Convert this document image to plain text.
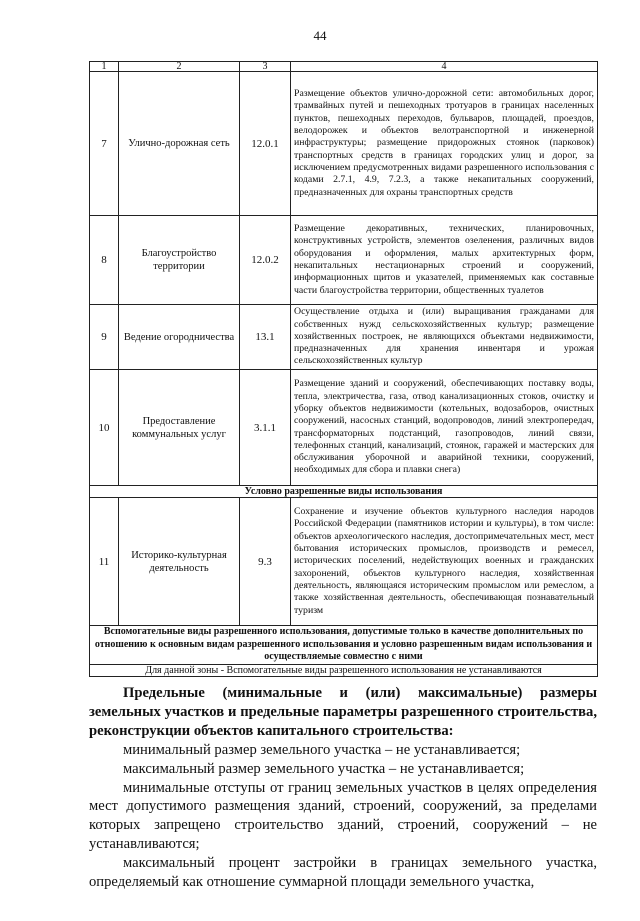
44
1	2	3	4
7	Улично-дорожная сеть	12.0.1	Размещение объектов улично-дорожной сети: автомобильных дорог, трамвайных путей и пешеходных тротуаров в границах населенных пунктов, пешеходных переходов, бульваров, площадей, проездов, велодорожек и объектов велотранспортной и инженерной инфраструктуры; размещение придорожных стоянок (парковок) транспортных средств в границах городских улиц и дорог, за исключением предусмотренных видами разрешенного использования с кодами 2.7.1, 4.9, 7.2.3, а также некапитальных сооружений, предназначенных для охраны транспортных средств
8	Благоустройство территории	12.0.2	Размещение декоративных, технических, планировочных, конструктивных устройств, элементов озеленения, различных видов оборудования и оформления, малых архитектурных форм, некапитальных нестационарных строений и сооружений, информационных щитов и указателей, применяемых как составные части благоустройства территории, общественных туалетов
9	Ведение огородничества	13.1	Осуществление отдыха и (или) выращивания гражданами для собственных нужд сельскохозяйственных культур; размещение хозяйственных построек, не являющихся объектами недвижимости, предназначенных для хранения инвентаря и урожая сельскохозяйственных культур
10	Предоставление коммунальных услуг	3.1.1	Размещение зданий и сооружений, обеспечивающих поставку воды, тепла, электричества, газа, отвод канализационных стоков, очистку и уборку объектов недвижимости (котельных, водозаборов, очистных сооружений, насосных станций, водопроводов, линий электропередач, трансформаторных подстанций, газопроводов, линий связи, телефонных станций, канализаций, стоянок, гаражей и мастерских для обслуживания уборочной и аварийной техники, сооружений, необходимых для сбора и плавки снега)
Условно разрешенные виды использования			
11	Историко-культурная деятельность	9.3	Сохранение и изучение объектов культурного наследия народов Российской Федерации (памятников истории и культуры), в том числе: объектов археологического наследия, достопримечательных мест, мест бытования исторических промыслов, производств и ремесел, исторических поселений, недействующих военных и гражданских захоронений, объектов культурного наследия, хозяйственная деятельность, являющаяся историческим промыслом или ремеслом, а также хозяйственная деятельность, обеспечивающая познавательный туризм
Вспомогательные виды разрешенного использования, допустимые только в качестве дополнительных по отношению к основным видам разрешенного использования и условно разрешенным видам использования и осуществляемые совместно с ними			
Для данной зоны - Вспомогательные виды разрешенного использования не устанавливаются			

Предельные (минимальные и (или) максимальные) размеры земельных участков и предельные параметры разрешенного строительства, реконструкции объектов капитального строительства:

минимальный размер земельного участка – не устанавливается;

максимальный размер земельного участка – не устанавливается;

минимальные отступы от границ земельных участков в целях определения мест допустимого размещения зданий, строений, сооружений, за пределами которых запрещено строительство зданий, строений, сооружений – не устанавливаются;

максимальный процент застройки в границах земельного участка, определяемый как отношение суммарной площади земельного участка,
